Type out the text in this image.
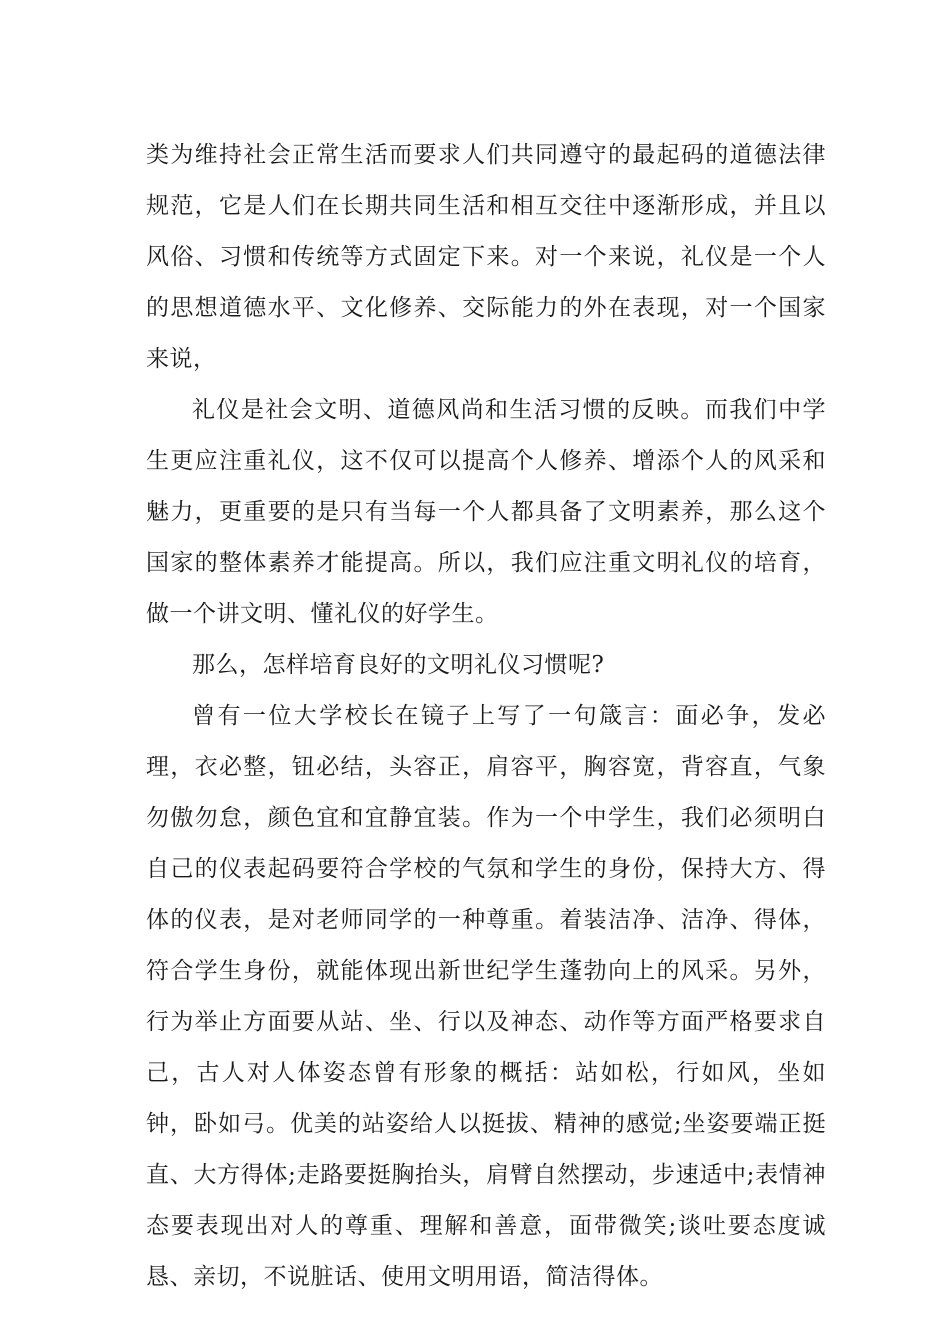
类为维持社会正常生活而要求人们共同遵守的最起码的道德法律规范，它是人们在长期共同生活和相互交往中逐渐形成，并且以风俗、习惯和传统等方式固定下来。对一个来说，礼仪是一个人的思想道德水平、文化修养、交际能力的外在表现，对一个国家来说，

礼仪是社会文明、道德风尚和生活习惯的反映。而我们中学生更应注重礼仪，这不仅可以提高个人修养、增添个人的风采和魅力，更重要的是只有当每一个人都具备了文明素养，那么这个国家的整体素养才能提高。所以，我们应注重文明礼仪的培育，做一个讲文明、懂礼仪的好学生。

那么，怎样培育良好的文明礼仪习惯呢?

曾有一位大学校长在镜子上写了一句箴言：面必争，发必理，衣必整，钮必结，头容正，肩容平，胸容宽，背容直，气象勿傲勿怠，颜色宜和宜静宜装。作为一个中学生，我们必须明白自己的仪表起码要符合学校的气氛和学生的身份，保持大方、得体的仪表，是对老师同学的一种尊重。着装洁净、洁净、得体，符合学生身份，就能体现出新世纪学生蓬勃向上的风采。另外，行为举止方面要从站、坐、行以及神态、动作等方面严格要求自己，古人对人体姿态曾有形象的概括：站如松，行如风，坐如钟，卧如弓。优美的站姿给人以挺拔、精神的感觉;坐姿要端正挺直、大方得体;走路要挺胸抬头，肩臂自然摆动，步速适中;表情神态要表现出对人的尊重、理解和善意，面带微笑;谈吐要态度诚恳、亲切，不说脏话、使用文明用语，简洁得体。
